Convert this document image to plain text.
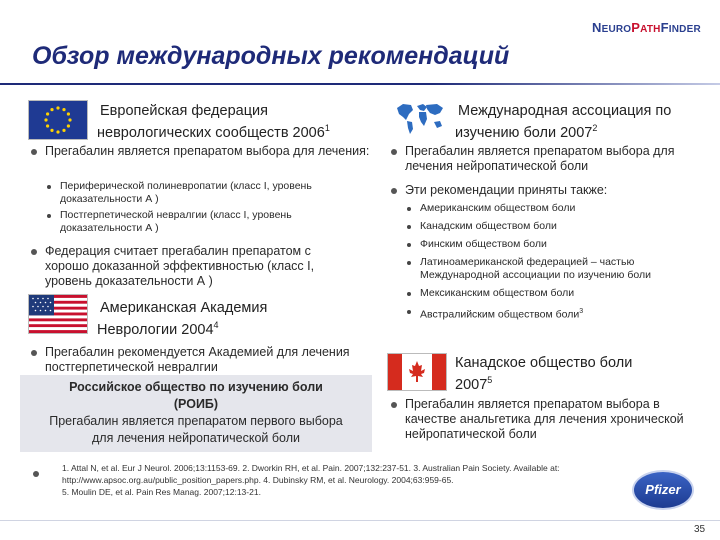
NEUROPATHFINDER
Обзор международных рекомендаций
Европейская федерация
неврологических сообществ 2006$^1$
Прегабалин является препаратом выбора для лечения:
Периферической полиневропатии (класс I, уровень доказательности А )
Постгерпетической невралгии (класс I, уровень доказательности А )
Федерация считает прегабалин препаратом с хорошо доказанной эффективностью (класс I, уровень доказательности А )
Американская Академия
Неврологии 2004$^4$
Прегабалин рекомендуется Академией для лечения постгерпетической невралгии
Российское общество по изучению боли
(РОИБ)
Прегабалин является препаратом первого выбора
для лечения нейропатической боли
Международная ассоциация по
изучению боли 2007$^2$
Прегабалин является препаратом выбора для лечения нейропатической боли
Эти рекомендации приняты также:
Американским обществом боли
Канадским обществом боли
Финским обществом боли
Латиноамериканской федерацией – частью Международной ассоциации по изучению боли
Мексиканским обществом боли
Австралийским обществом боли$^3$
Канадское общество боли
2007$^5$
Прегабалин является препаратом выбора в качестве анальгетика для лечения хронической нейропатической боли
1. Attal N, et al. Eur J Neurol. 2006;13:1153-69. 2. Dworkin RH, et al. Pain. 2007;132:237-51. 3. Australian Pain Society. Available at:
http://www.apsoc.org.au/public_position_papers.php. 4. Dubinsky RM, et al. Neurology. 2004;63:959-65.
5. Moulin DE, et al. Pain Res Manag. 2007;12:13-21.	Pfizer
35
